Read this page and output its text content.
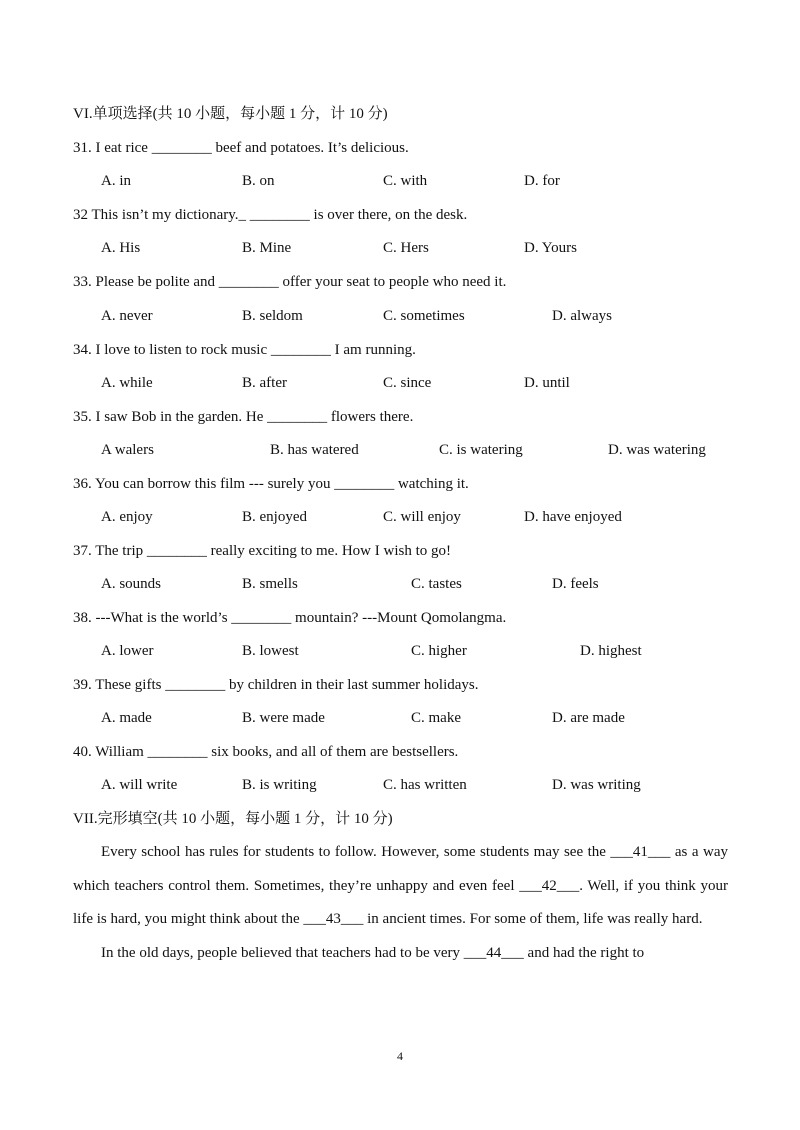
VI.单项选择(共 10 小题，每小题 1 分，计 10 分)
31. I eat rice ________ beef and potatoes. It’s delicious.
A. in	B. on	C. with	D. for
32 This isn’t my dictionary._ ________ is over there, on the desk.
A. His	B. Mine	C. Hers	D. Yours
33. Please be polite and ________ offer your seat to people who need it.
A. never	B. seldom	C. sometimes	D. always
34. I love to listen to rock music ________ I am running.
A. while	B. after	C. since	D. until
35. I saw Bob in the garden. He ________ flowers there.
A walers	B. has watered	C. is watering	D. was watering
36. You can borrow this film --- surely you ________ watching it.
A. enjoy	B. enjoyed	C. will enjoy	D. have enjoyed
37. The trip ________ really exciting to me. How I wish to go!
A. sounds	B. smells	C. tastes	D. feels
38. ---What is the world’s ________ mountain? ---Mount Qomolangma.
A. lower	B. lowest	C. higher	D. highest
39. These gifts ________ by children in their last summer holidays.
A. made	B. were made	C. make	D. are made
40. William ________ six books, and all of them are bestsellers.
A. will write	B. is writing	C. has written	D. was writing
VII.完形填空(共 10 小题，每小题 1 分，计 10 分)

Every school has rules for students to follow. However, some students may see the ___41___ as a way which teachers control them. Sometimes, they’re unhappy and even feel ___42___. Well, if you think your life is hard, you might think about the ___43___ in ancient times. For some of them, life was really hard.

In the old days, people believed that teachers had to be very ___44___ and had the right to

4
